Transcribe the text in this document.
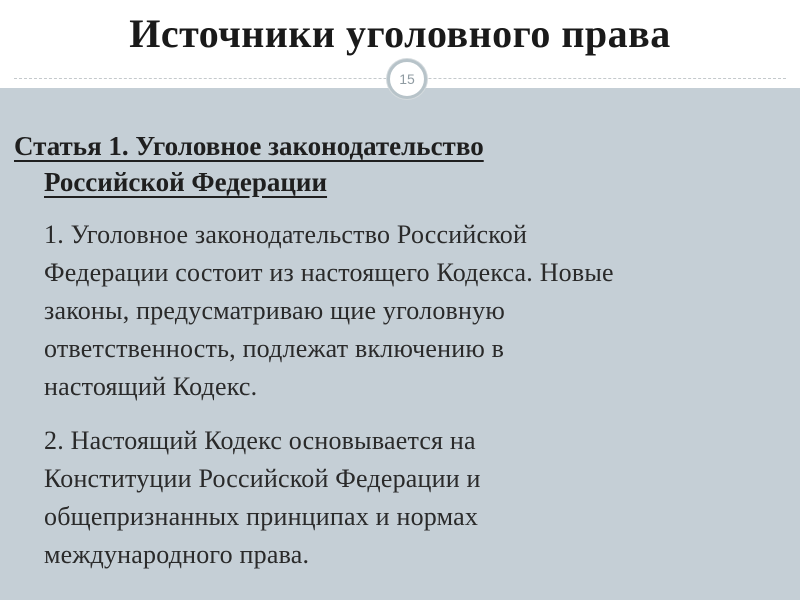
Источники уголовного права
15
Статья 1. Уголовное законодательство
Российской Федерации
1. Уголовное законодательство Российской
Федерации состоит из настоящего Кодекса. Новые
законы, предусматриваю щие уголовную
ответственность, подлежат включению в
настоящий Кодекс.
2. Настоящий Кодекс основывается на
Конституции Российской Федерации и
общепризнанных принципах и нормах
международного права.
